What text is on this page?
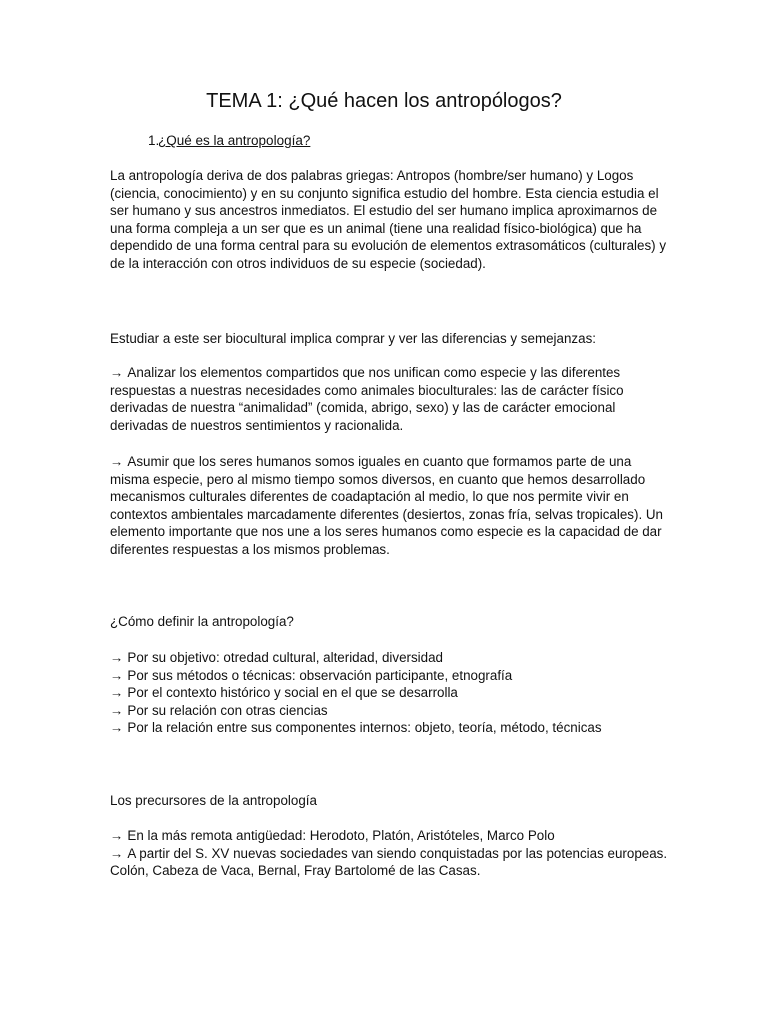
TEMA 1: ¿Qué hacen los antropólogos?
1.
¿Qué es la antropología?

La antropología deriva de dos palabras griegas: Antropos (hombre/ser humano) y Logos (ciencia, conocimiento) y en su conjunto significa estudio del hombre. Esta ciencia estudia el ser humano y sus ancestros inmediatos. El estudio del ser humano implica aproximarnos de una forma compleja a un ser que es un animal (tiene una realidad físico-biológica) que ha dependido de una forma central para su evolución de elementos extrasomáticos (culturales) y de la interacción con otros individuos de su especie (sociedad).

Estudiar a este ser biocultural implica comprar y ver las diferencias y semejanzas:

→ Analizar los elementos compartidos que nos unifican como especie y las diferentes respuestas a nuestras necesidades como animales bioculturales: las de carácter físico derivadas de nuestra “animalidad” (comida, abrigo, sexo) y las de carácter emocional derivadas de nuestros sentimientos y racionalida.

→ Asumir que los seres humanos somos iguales en cuanto que formamos parte de una misma especie, pero al mismo tiempo somos diversos, en cuanto que hemos desarrollado mecanismos culturales diferentes de coadaptación al medio, lo que nos permite vivir en contextos ambientales marcadamente diferentes (desiertos, zonas fría, selvas tropicales). Un elemento importante que nos une a los seres humanos como especie es la capacidad de dar diferentes respuestas a los mismos problemas.

¿Cómo definir la antropología?

→ Por su objetivo: otredad cultural, alteridad, diversidad
→ Por sus métodos o técnicas: observación participante, etnografía
→ Por el contexto histórico y social en el que se desarrolla
→ Por su relación con otras ciencias
→ Por la relación entre sus componentes internos: objeto, teoría, método, técnicas

Los precursores de la antropología

→ En la más remota antigüedad: Herodoto, Platón, Aristóteles, Marco Polo
→ A partir del S. XV nuevas sociedades van siendo conquistadas por las potencias europeas. Colón, Cabeza de Vaca, Bernal, Fray Bartolomé de las Casas.
